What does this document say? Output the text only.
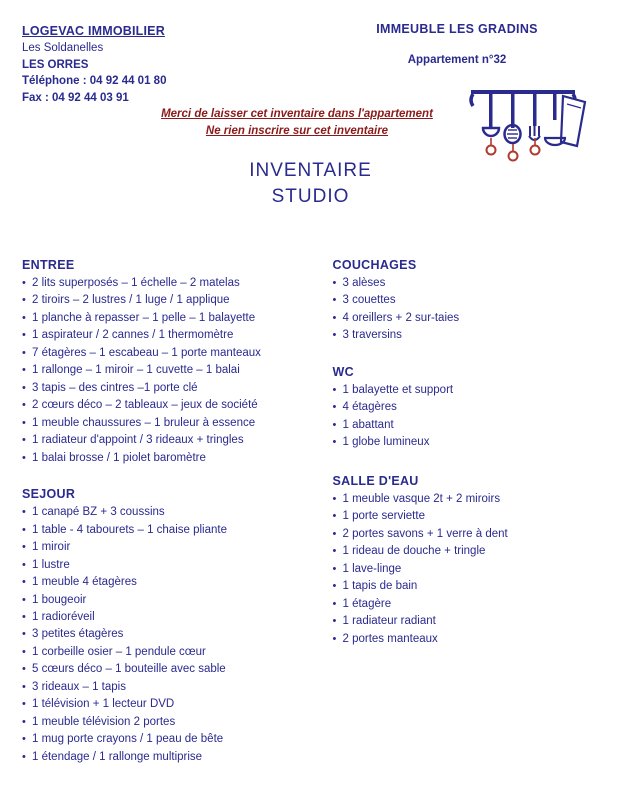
LOGEVAC IMMOBILIER
Les Soldanelles
LES ORRES
Téléphone : 04 92 44 01 80
Fax : 04 92 44 03 91
IMMEUBLE LES GRADINS
Appartement n°32
Merci de laisser cet inventaire dans l'appartement
Ne rien inscrire sur cet inventaire
INVENTAIRE
STUDIO
ENTREE
• 2 lits superposés – 1 échelle – 2 matelas
• 2 tiroirs – 2 lustres / 1 luge / 1 applique
• 1 planche à repasser – 1 pelle – 1 balayette
• 1 aspirateur / 2 cannes / 1 thermomètre
• 7 étagères – 1 escabeau – 1 porte manteaux
• 1 rallonge – 1 miroir – 1 cuvette – 1 balai
• 3 tapis – des cintres –1 porte clé
• 2 cœurs déco – 2 tableaux – jeux de société
• 1 meuble chaussures – 1 bruleur à essence
• 1 radiateur d'appoint / 3 rideaux + tringles
• 1 balai brosse / 1 piolet baromètre
SEJOUR
• 1 canapé BZ + 3 coussins
• 1 table - 4 tabourets – 1 chaise pliante
• 1 miroir
• 1 lustre
• 1 meuble 4 étagères
• 1 bougeoir
• 1 radioréveil
• 3 petites étagères
• 1 corbeille osier – 1 pendule cœur
• 5 cœurs déco – 1 bouteille avec sable
• 3 rideaux – 1 tapis
• 1 télévision + 1 lecteur DVD
• 1 meuble télévision 2 portes
• 1 mug porte crayons / 1 peau de bête
• 1 étendage / 1 rallonge multiprise
COUCHAGES
• 3 alèses
• 3 couettes
• 4 oreillers + 2 sur-taies
• 3 traversins
WC
• 1 balayette et support
• 4 étagères
• 1 abattant
• 1 globe lumineux
SALLE D'EAU
• 1 meuble vasque 2t + 2 miroirs
• 1 porte serviette
• 2 portes savons + 1 verre à dent
• 1 rideau de douche + tringle
• 1 lave-linge
• 1 tapis de bain
• 1 étagère
• 1 radiateur radiant
• 2 portes manteaux
